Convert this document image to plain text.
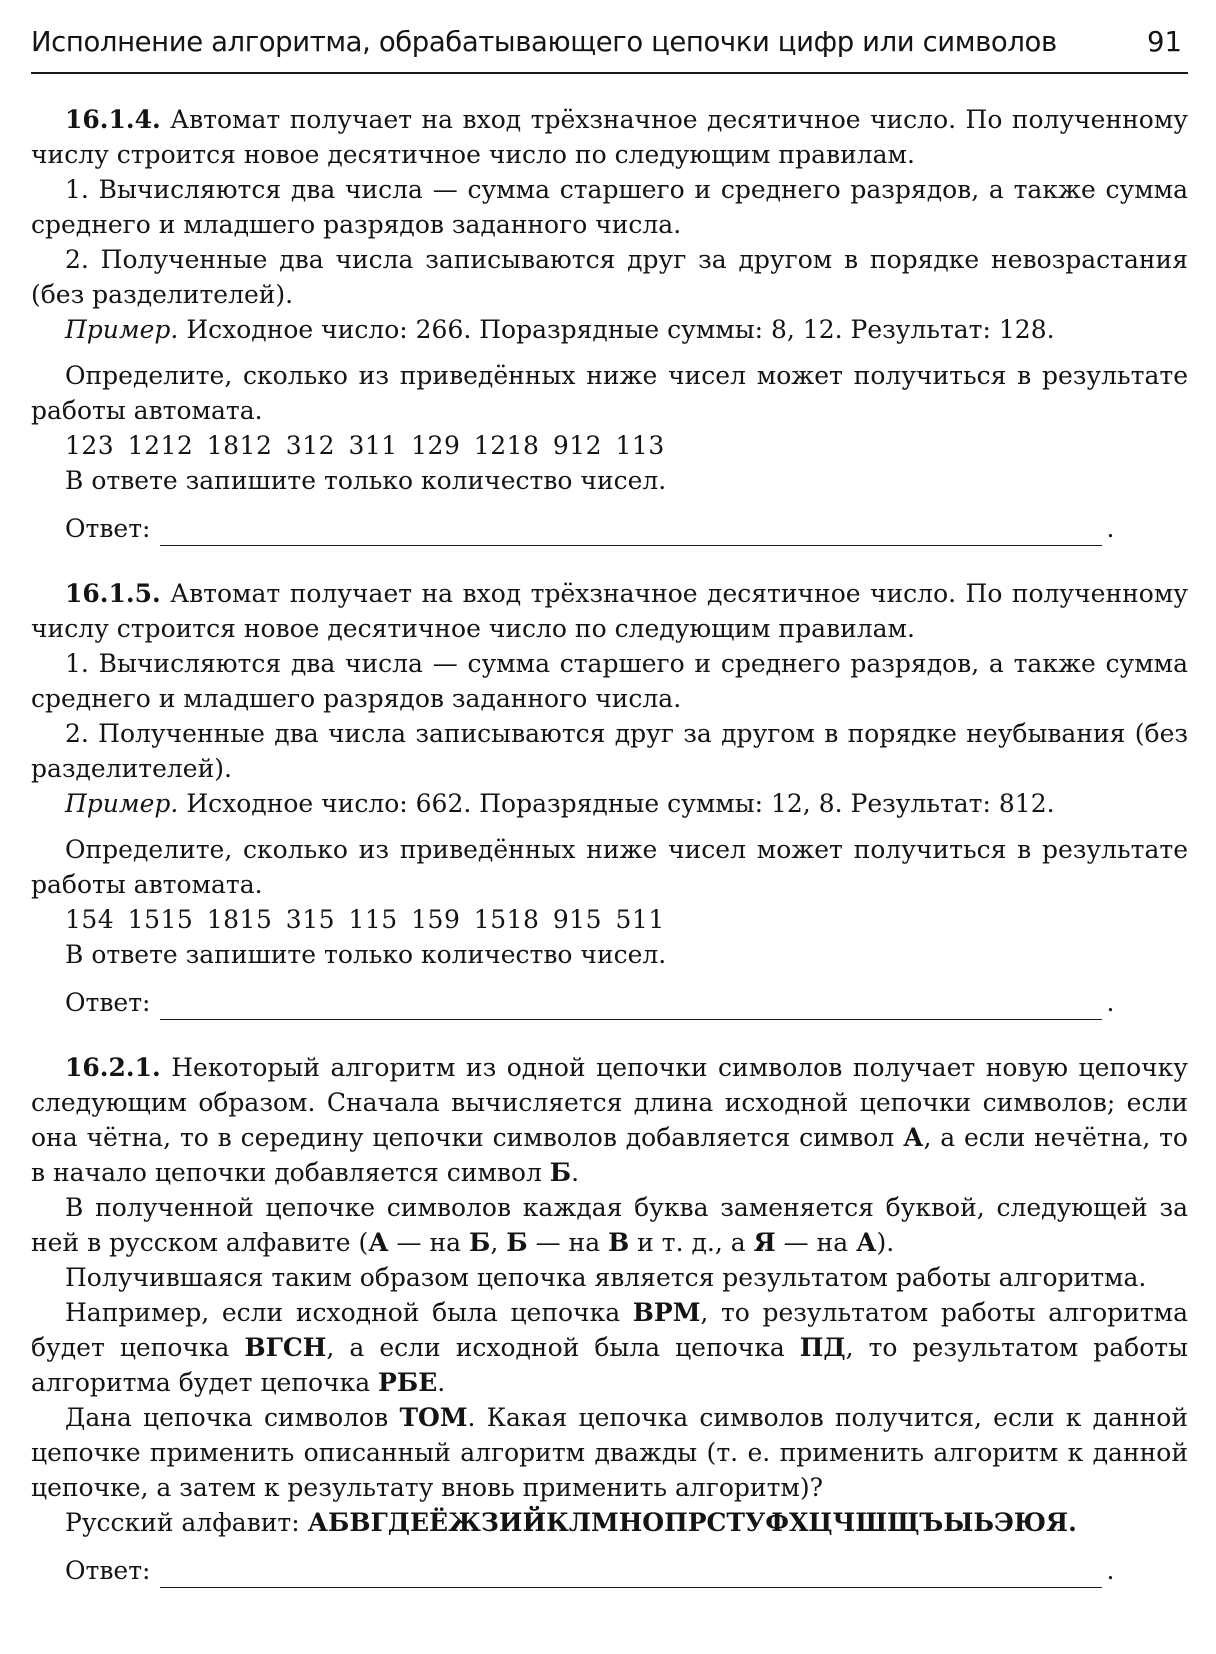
Исполнение алгоритма, обрабатывающего цепочки цифр или символов	91

16.1.4. Автомат получает на вход трёхзначное десятичное число. По полученному числу строится новое десятичное число по следующим правилам.

1. Вычисляются два числа — сумма старшего и среднего разрядов, а также сумма среднего и младшего разрядов заданного числа.

2. Полученные два числа записываются друг за другом в порядке невозрастания (без разделителей).

Пример. Исходное число: 266. Поразрядные суммы: 8, 12. Результат: 128.

Определите, сколько из приведённых ниже чисел может получиться в результате работы автомата.

123 1212 1812 312 311 129 1218 912 113

В ответе запишите только количество чисел.

Ответ:	.

16.1.5. Автомат получает на вход трёхзначное десятичное число. По полученному числу строится новое десятичное число по следующим правилам.

1. Вычисляются два числа — сумма старшего и среднего разрядов, а также сумма среднего и младшего разрядов заданного числа.

2. Полученные два числа записываются друг за другом в порядке неубывания (без разделителей).

Пример. Исходное число: 662. Поразрядные суммы: 12, 8. Результат: 812.

Определите, сколько из приведённых ниже чисел может получиться в результате работы автомата.

154 1515 1815 315 115 159 1518 915 511

В ответе запишите только количество чисел.

Ответ:	.

16.2.1. Некоторый алгоритм из одной цепочки символов получает новую цепочку следующим образом. Сначала вычисляется длина исходной цепочки символов; если она чётна, то в середину цепочки символов добавляется символ А, а если нечётна, то в начало цепочки добавляется символ Б.

В полученной цепочке символов каждая буква заменяется буквой, следующей за ней в русском алфавите (А — на Б, Б — на В и т. д., а Я — на А).

Получившаяся таким образом цепочка является результатом работы алгоритма.

Например, если исходной была цепочка ВРМ, то результатом работы алгоритма будет цепочка ВГСН, а если исходной была цепочка ПД, то результатом работы алгоритма будет цепочка РБЕ.

Дана цепочка символов ТОМ. Какая цепочка символов получится, если к данной цепочке применить описанный алгоритм дважды (т. е. применить алгоритм к данной цепочке, а затем к результату вновь применить алгоритм)?

Русский алфавит: АБВГДЕЁЖЗИЙКЛМНОПРСТУФХЦЧШЩЪЫЬЭЮЯ.

Ответ:	.
